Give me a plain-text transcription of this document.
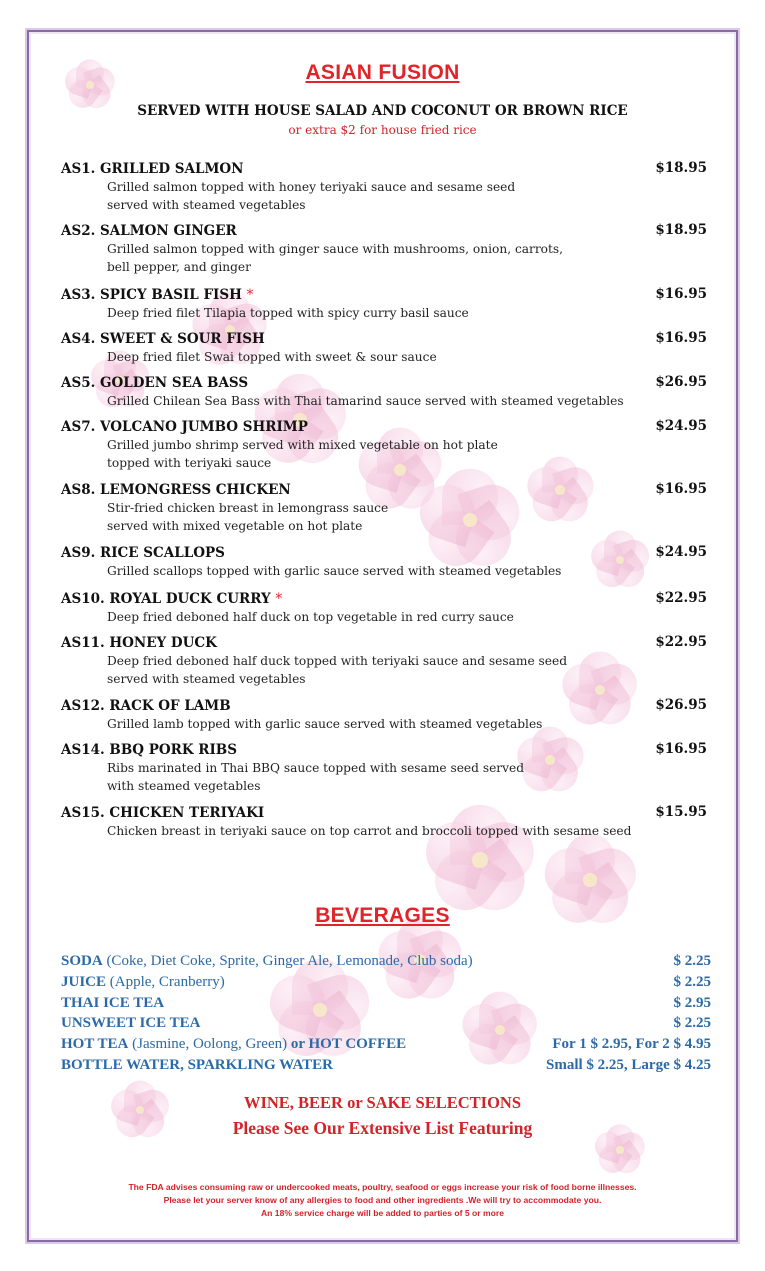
ASIAN FUSION
SERVED WITH HOUSE SALAD AND COCONUT OR BROWN RICE
or extra $2 for house fried rice
AS1. GRILLED SALMON	$18.95
Grilled salmon topped with honey teriyaki sauce and sesame seed
served with steamed vegetables
AS2. SALMON GINGER	$18.95
Grilled salmon topped with ginger sauce with mushrooms, onion, carrots,
bell pepper, and ginger
AS3. SPICY BASIL FISH *	$16.95
Deep fried filet Tilapia topped with spicy curry basil sauce
AS4. SWEET & SOUR FISH	$16.95
Deep fried filet Swai topped with sweet & sour sauce
AS5. GOLDEN SEA BASS	$26.95
Grilled Chilean Sea Bass with Thai tamarind sauce served with steamed vegetables
AS7. VOLCANO JUMBO SHRIMP	$24.95
Grilled jumbo shrimp served with mixed vegetable on hot plate
topped with teriyaki sauce
AS8. LEMONGRESS CHICKEN	$16.95
Stir-fried chicken breast in lemongrass sauce
served with mixed vegetable on hot plate
AS9. RICE SCALLOPS	$24.95
Grilled scallops topped with garlic sauce served with steamed vegetables
AS10. ROYAL DUCK CURRY *	$22.95
Deep fried deboned half duck on top vegetable in red curry sauce
AS11. HONEY DUCK	$22.95
Deep fried deboned half duck topped with teriyaki sauce and sesame seed
served with steamed vegetables
AS12. RACK OF LAMB	$26.95
Grilled lamb topped with garlic sauce served with steamed vegetables
AS14. BBQ PORK RIBS	$16.95
Ribs marinated in Thai BBQ sauce topped with sesame seed served
with steamed vegetables
AS15. CHICKEN TERIYAKI	$15.95
Chicken breast in teriyaki sauce on top carrot and broccoli topped with sesame seed
BEVERAGES
SODA (Coke, Diet Coke, Sprite, Ginger Ale, Lemonade, Club soda)	$ 2.25
JUICE (Apple, Cranberry)	$ 2.25
THAI ICE TEA	$ 2.95
UNSWEET ICE TEA	$ 2.25
HOT TEA (Jasmine, Oolong, Green) or HOT COFFEE	For 1 $ 2.95, For 2 $ 4.95
BOTTLE WATER, SPARKLING WATER	Small $ 2.25, Large $ 4.25
WINE, BEER or SAKE SELECTIONS
Please See Our Extensive List Featuring
The FDA advises consuming raw or undercooked meats, poultry, seafood or eggs increase your risk of food borne illnesses.
Please let your server know of any allergies to food and other ingredients .We will try to accommodate you.
An 18% service charge will be added to parties of 5 or more
